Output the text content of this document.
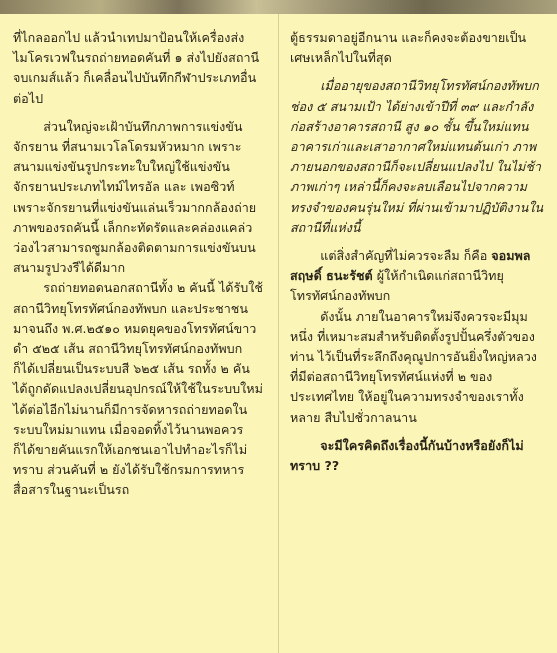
ที่ไกลออกไป แล้วนำเทปมาป้อนให้เครื่องส่งไมโครเวฟในรถถ่ายทอดคันที่ ๑ ส่งไปยังสถานี จบเกมส์แล้ว ก็เคลื่อนไปบันทึกกีฬาประเภทอื่นต่อไป

ส่วนใหญ่จะเฝ้าบันทึกภาพการแข่งขันจักรยาน ที่สนามเวโลโดรมหัวหมาก เพราะสนามแข่งขันรูปกระทะใบใหญ่ใช้แข่งขันจักรยานประเภทไทม์ไทรอัล และ เพอซิวท์ เพราะจักรยานที่แข่งขันแล่นเร็วมากกล้องถ่ายภาพของรถคันนี้ เล็กกะทัดรัดและคล่องแคล่วว่องไวสามารถซูมกล้องติดตามการแข่งขันบนสนามรูปวงรีได้ดีมาก

รถถ่ายทอดนอกสถานีทั้ง ๒ คันนี้ ได้รับใช้สถานีวิทยุโทรทัศน์กองทัพบก และประชาชน มาจนถึง พ.ศ.๒๕๑๐ หมดยุคของโทรทัศน์ขาวดำ ๕๒๕ เส้น สถานีวิทยุโทรทัศน์กองทัพบก ก็ได้เปลี่ยนเป็นระบบสี ๖๒๕ เส้น รถทั้ง ๒ คัน ได้ถูกดัดแปลงเปลี่ยนอุปกรณ์ให้ใช้ในระบบใหม่ได้ต่อไอีกไม่นานก็มีการจัดหารถถ่ายทอดในระบบใหม่มาแทน เมื่อจอดทิ้งไว้นานพอควร ก็ได้ขายคันแรกให้เอกชนเอาไปทำอะไรก็ไม่ทราบ ส่วนคันที่ ๒ ยังได้รับใช้กรมการทหารสื่อสารในฐานะเป็นรถ

ตู้ธรรมดาอยู่อีกนาน และก็คงจะต้องขายเป็นเศษเหล็กไปในที่สุด

เมื่ออายุของสถานีวิทยุโทรทัศน์กองทัพบกช่อง ๕ สนามเป้า ได้ย่างเข้าปีที่ ๓๙ และกำลังก่อสร้างอาคารสถานี สูง ๑๐ ชั้น ขึ้นใหม่แทนอาคารเก่าและเสาอากาศใหม่แทนต้นเก่า ภาพภายนอกของสถานีก็จะเปลี่ยนแปลงไป ในไม่ช้าภาพเก่าๆ เหล่านี้ก็คงจะลบเลือนไปจากความทรงจำของคนรุ่นใหม่ ที่ผ่านเข้ามาปฏิบัติงานในสถานีที่แห่งนี้

แต่สิ่งสำคัญที่ไม่ควรจะลืม ก็คือ จอมพลสฤษดิ์ ธนะรัชต์ ผู้ให้กำเนิดแก่สถานีวิทยุโทรทัศน์กองทัพบก

ดังนั้น ภายในอาคารใหม่จึงควรจะมีมุมหนึ่ง ที่เหมาะสมสำหรับติดตั้งรูปปั้นครึ่งตัวของท่าน ไว้เป็นที่ระลึกถึงคุณูปการอันยิ่งใหญ่หลวงที่มีต่อสถานีวิทยุโทรทัศน์แห่งที่ ๒ ของประเทศไทย ให้อยู่ในความทรงจำของเราทั้งหลาย สืบไปชั่วกาลนาน

จะมีใครคิดถึงเรื่องนี้กันบ้างหรือยังก็ไม่ทราบ ??
